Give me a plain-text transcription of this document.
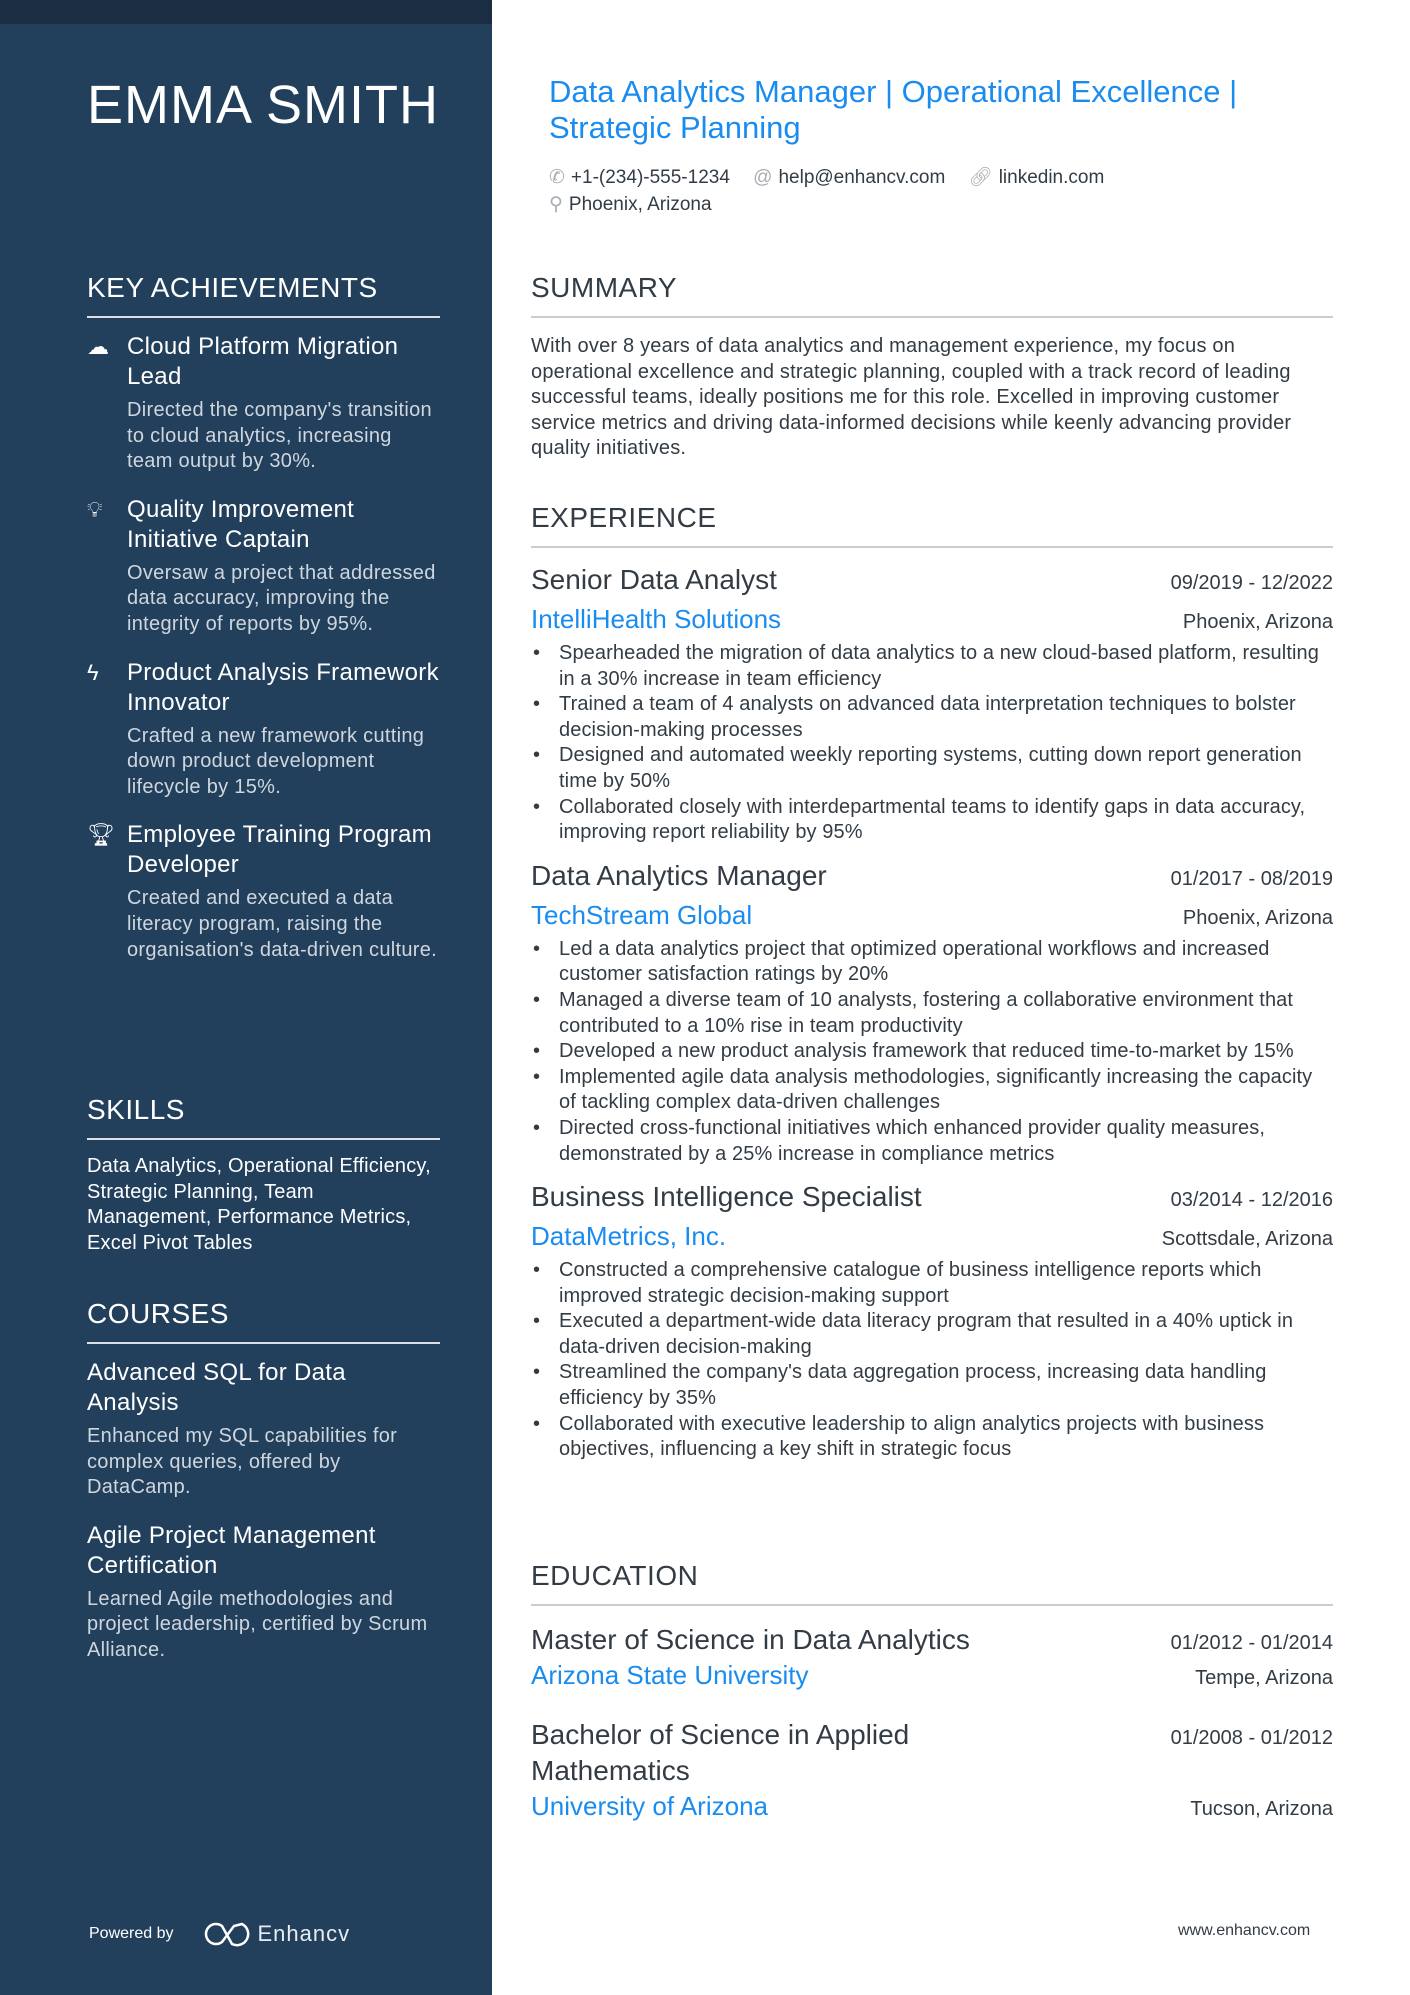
EMMA SMITH
KEY ACHIEVEMENTS
☁ Cloud Platform Migration Lead
Directed the company's transition to cloud analytics, increasing team output by 30%.
💡︎	Quality Improvement Initiative Captain
Oversaw a project that addressed data accuracy, improving the integrity of reports by 95%.
ϟ	Product Analysis Framework Innovator
Crafted a new framework cutting down product development lifecycle by 15%.
🏆︎ Employee Training Program Developer
Created and executed a data literacy program, raising the organisation's data-driven culture.
SKILLS
Data Analytics, Operational Efficiency, Strategic Planning, Team Management, Performance Metrics, Excel Pivot Tables
COURSES
Advanced SQL for Data Analysis
Enhanced my SQL capabilities for complex queries, offered by DataCamp.
Agile Project Management Certification
Learned Agile methodologies and project leadership, certified by Scrum Alliance.
Powered by	Enhancv
Data Analytics Manager | Operational Excellence | Strategic Planning
✆ +1-(234)-555-1234 @ help@enhancv.com 🔗︎ linkedin.com
⚲ Phoenix, Arizona
SUMMARY
With over 8 years of data analytics and management experience, my focus on operational excellence and strategic planning, coupled with a track record of leading successful teams, ideally positions me for this role. Excelled in improving customer service metrics and driving data-informed decisions while keenly advancing provider quality initiatives.
EXPERIENCE
Senior Data Analyst	09/2019 - 12/2022
IntelliHealth Solutions	Phoenix, Arizona
• Spearheaded the migration of data analytics to a new cloud-based platform, resulting in a 30% increase in team efficiency
• Trained a team of 4 analysts on advanced data interpretation techniques to bolster decision-making processes
• Designed and automated weekly reporting systems, cutting down report generation time by 50%
• Collaborated closely with interdepartmental teams to identify gaps in data accuracy, improving report reliability by 95%
Data Analytics Manager	01/2017 - 08/2019
TechStream Global	Phoenix, Arizona
• Led a data analytics project that optimized operational workflows and increased customer satisfaction ratings by 20%
• Managed a diverse team of 10 analysts, fostering a collaborative environment that contributed to a 10% rise in team productivity
• Developed a new product analysis framework that reduced time-to-market by 15%
• Implemented agile data analysis methodologies, significantly increasing the capacity of tackling complex data-driven challenges
• Directed cross-functional initiatives which enhanced provider quality measures, demonstrated by a 25% increase in compliance metrics
Business Intelligence Specialist	03/2014 - 12/2016
DataMetrics, Inc.	Scottsdale, Arizona
• Constructed a comprehensive catalogue of business intelligence reports which improved strategic decision-making support
• Executed a department-wide data literacy program that resulted in a 40% uptick in data-driven decision-making
• Streamlined the company's data aggregation process, increasing data handling efficiency by 35%
• Collaborated with executive leadership to align analytics projects with business objectives, influencing a key shift in strategic focus
EDUCATION
Master of Science in Data Analytics	01/2012 - 01/2014
Arizona State University	Tempe, Arizona
Bachelor of Science in Applied Mathematics
01/2008 - 01/2012
University of Arizona	Tucson, Arizona
www.enhancv.com
